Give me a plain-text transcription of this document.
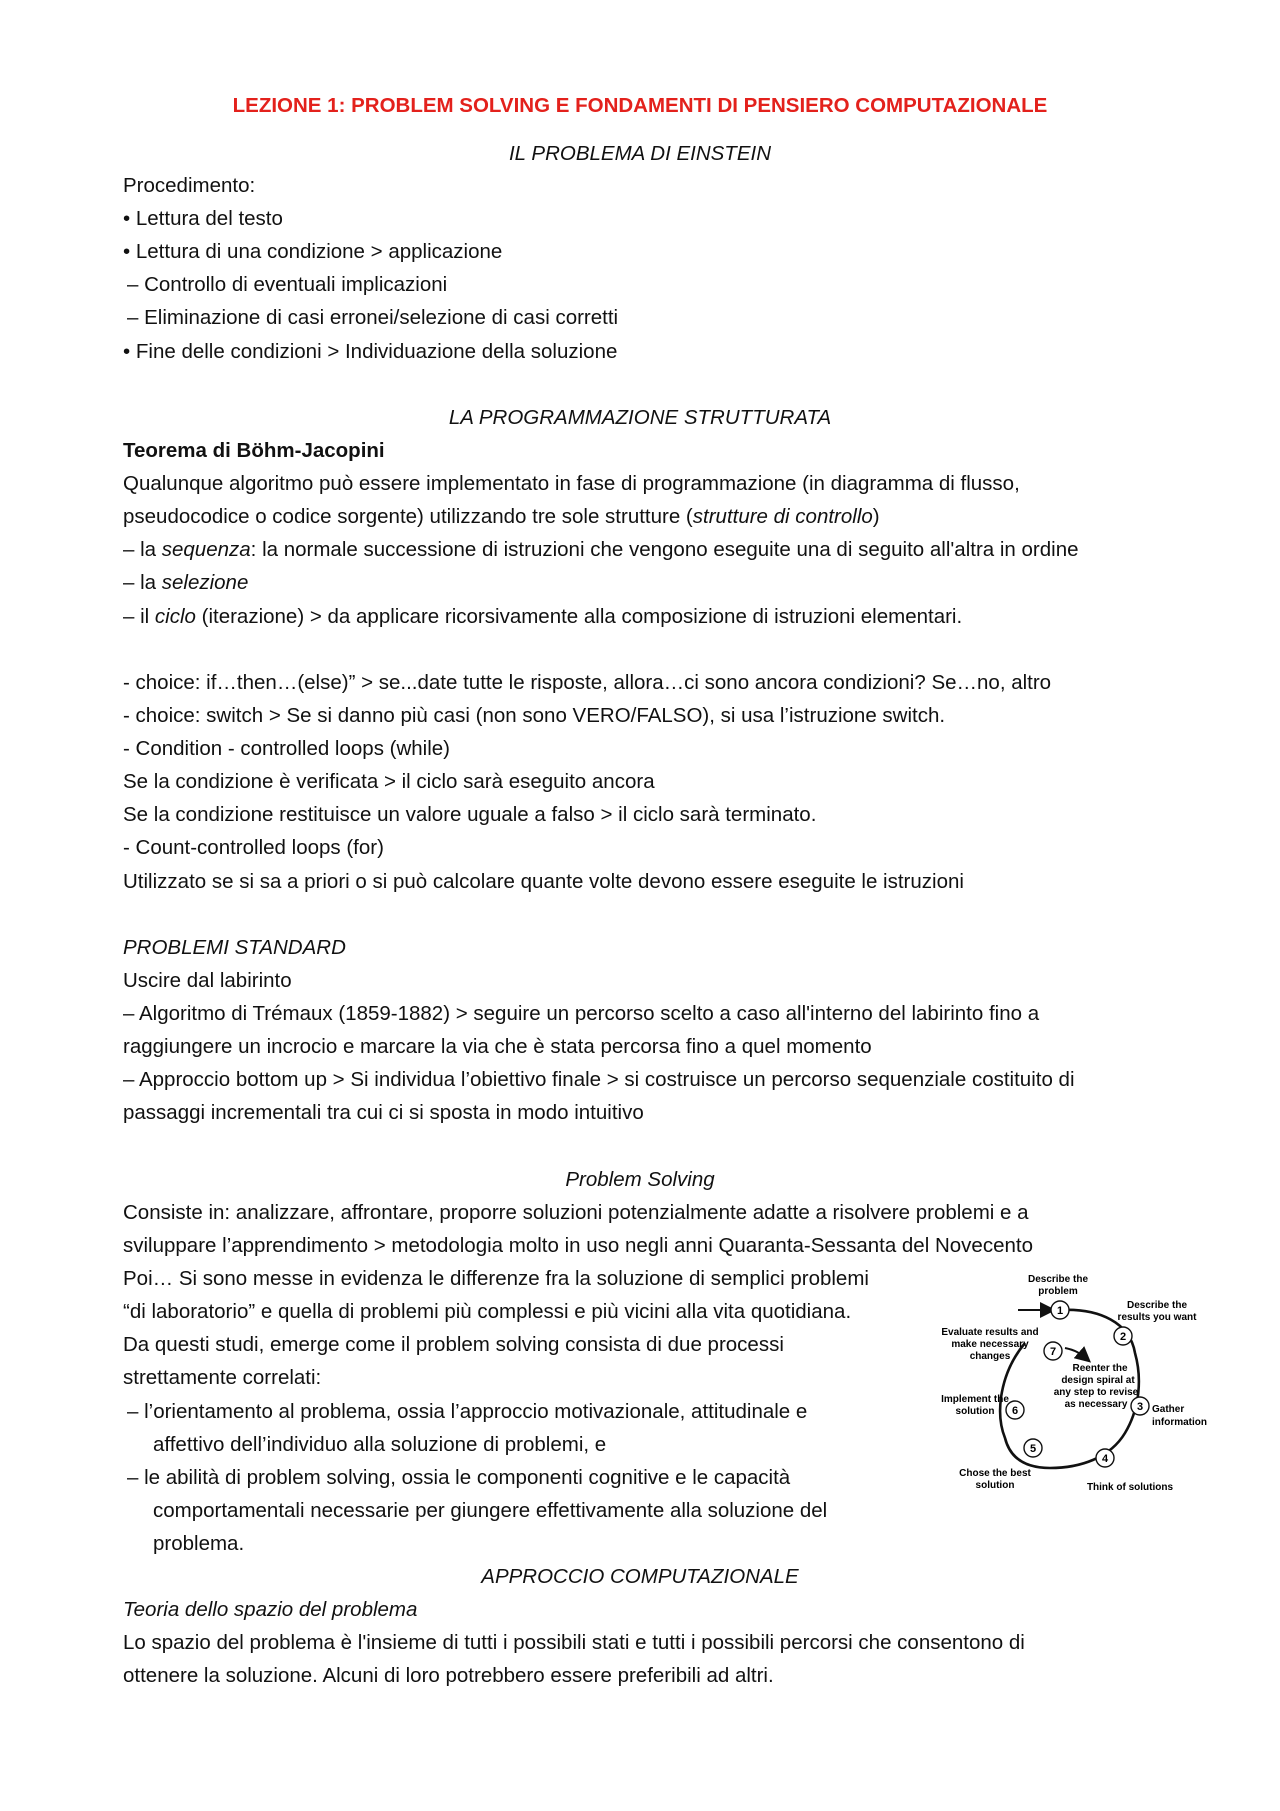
LEZIONE 1: PROBLEM SOLVING E FONDAMENTI DI PENSIERO COMPUTAZIONALE

IL PROBLEMA DI EINSTEIN

Procedimento:

• Lettura del testo

• Lettura di una condizione > applicazione

– Controllo di eventuali implicazioni

– Eliminazione di casi erronei/selezione di casi corretti

• Fine delle condizioni > Individuazione della soluzione

LA PROGRAMMAZIONE STRUTTURATA

Teorema di Böhm-Jacopini

Qualunque algoritmo può essere implementato in fase di programmazione (in diagramma di flusso,

pseudocodice o codice sorgente) utilizzando tre sole strutture (strutture di controllo)

– la sequenza: la normale successione di istruzioni che vengono eseguite una di seguito all'altra in ordine

– la selezione

– il ciclo (iterazione) > da applicare ricorsivamente alla composizione di istruzioni elementari.

- choice: if…then…(else)” > se...date tutte le risposte, allora…ci sono ancora condizioni? Se…no, altro

- choice: switch > Se si danno più casi (non sono VERO/FALSO), si usa l’istruzione switch.

- Condition - controlled loops (while)

Se la condizione è verificata > il ciclo sarà eseguito ancora

Se la condizione restituisce un valore uguale a falso > il ciclo sarà terminato.

- Count-controlled loops (for)

Utilizzato se si sa a priori o si può calcolare quante volte devono essere eseguite le istruzioni

PROBLEMI STANDARD

Uscire dal labirinto

– Algoritmo di Trémaux (1859-1882) > seguire un percorso scelto a caso all'interno del labirinto fino a

raggiungere un incrocio e marcare la via che è stata percorsa fino a quel momento

– Approccio bottom up > Si individua l’obiettivo finale > si costruisce un percorso sequenziale costituito di

passaggi incrementali tra cui ci si sposta in modo intuitivo

Problem Solving

Consiste in: analizzare, affrontare, proporre soluzioni potenzialmente adatte a risolvere problemi e a

sviluppare l’apprendimento > metodologia molto in uso negli anni Quaranta-Sessanta del Novecento

Poi… Si sono messe in evidenza le differenze fra la soluzione di semplici problemi

“di laboratorio” e quella di problemi più complessi e più vicini alla vita quotidiana.

Da questi studi, emerge come il problem solving consista di due processi

strettamente correlati:

– l’orientamento al problema, ossia l’approccio motivazionale, attitudinale e

affettivo dell’individuo alla soluzione di problemi, e

– le abilità di problem solving, ossia le componenti cognitive e le capacità

comportamentali necessarie per giungere effettivamente alla soluzione del

problema.

1
2
3
4
5
6
7
Describe the
problem
Describe the
results you want
Gather
information
Think of solutions
Chose the best
solution
Implement the
solution
Evaluate results and
make necessary
changes
Reenter the
design spiral at
any step to revise
as necessary

APPROCCIO COMPUTAZIONALE

Teoria dello spazio del problema

Lo spazio del problema è l'insieme di tutti i possibili stati e tutti i possibili percorsi che consentono di

ottenere la soluzione. Alcuni di loro potrebbero essere preferibili ad altri.
